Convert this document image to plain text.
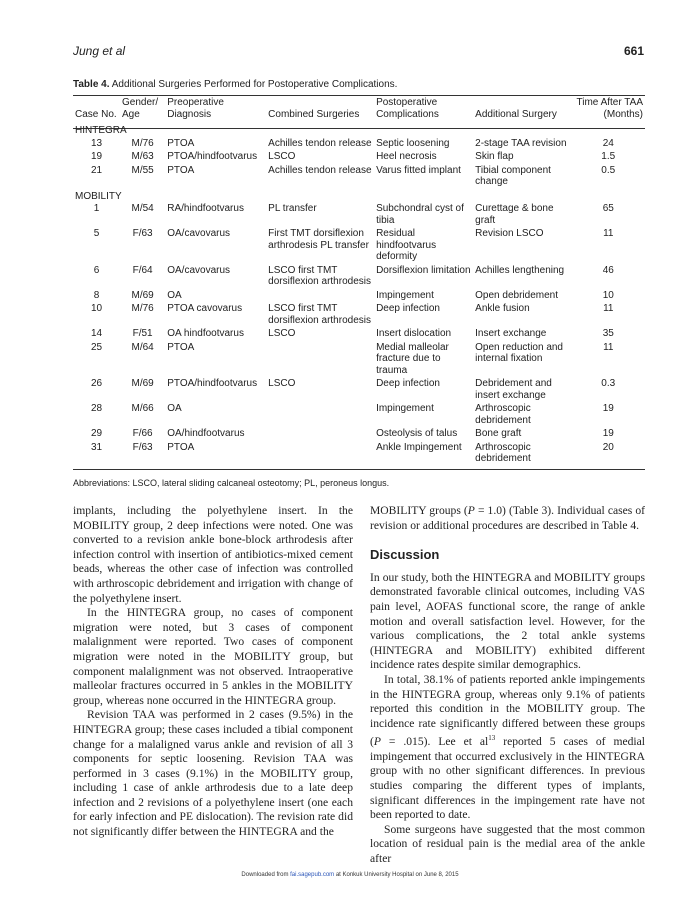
Jung et al	661
Table 4. Additional Surgeries Performed for Postoperative Complications.
Case No.	Gender/ Age	Preoperative Diagnosis	Combined Surgeries	Postoperative Complications	Additional Surgery	Time After TAA (Months)
HINTEGRA						
13	M/76	PTOA	Achilles tendon release	Septic loosening	2-stage TAA revision	24
19	M/63	PTOA/hindfootvarus	LSCO	Heel necrosis	Skin flap	1.5
21	M/55	PTOA	Achilles tendon release	Varus fitted implant	Tibial component change	0.5
MOBILITY						
1	M/54	RA/hindfootvarus	PL transfer	Subchondral cyst of tibia	Curettage & bone graft	65
5	F/63	OA/cavovarus	First TMT dorsiflexion arthrodesis PL transfer	Residual hindfootvarus deformity	Revision LSCO	11
6	F/64	OA/cavovarus	LSCO first TMT dorsiflexion arthrodesis	Dorsiflexion limitation	Achilles lengthening	46
8	M/69	OA		Impingement	Open debridement	10
10	M/76	PTOA cavovarus	LSCO first TMT dorsiflexion arthrodesis	Deep infection	Ankle fusion	11
14	F/51	OA hindfootvarus	LSCO	Insert dislocation	Insert exchange	35
25	M/64	PTOA		Medial malleolar fracture due to trauma	Open reduction and internal fixation	11
26	M/69	PTOA/hindfootvarus	LSCO	Deep infection	Debridement and insert exchange	0.3
28	M/66	OA		Impingement	Arthroscopic debridement	19
29	F/66	OA/hindfootvarus		Osteolysis of talus	Bone graft	19
31	F/63	PTOA		Ankle Impingement	Arthroscopic debridement	20
Abbreviations: LSCO, lateral sliding calcaneal osteotomy; PL, peroneus longus.

implants, including the polyethylene insert. In the MOBILITY group, 2 deep infections were noted. One was converted to a revision ankle bone-block arthrodesis after infection control with insertion of antibiotics-mixed cement beads, whereas the other case of infection was controlled with arthroscopic debridement and irrigation with change of the polyethylene insert.

In the HINTEGRA group, no cases of component migration were noted, but 3 cases of component malalignment were reported. Two cases of component migration were noted in the MOBILITY group, but component malalignment was not observed. Intraoperative malleolar fractures occurred in 5 ankles in the MOBILITY group, whereas none occurred in the HINTEGRA group.

Revision TAA was performed in 2 cases (9.5%) in the HINTEGRA group; these cases included a tibial component change for a malaligned varus ankle and revision of all 3 components for septic loosening. Revision TAA was performed in 3 cases (9.1%) in the MOBILITY group, including 1 case of ankle arthrodesis due to a late deep infection and 2 revisions of a polyethylene insert (one each for early infection and PE dislocation). The revision rate did not significantly differ between the HINTEGRA and the

MOBILITY groups (P = 1.0) (Table 3). Individual cases of revision or additional procedures are described in Table 4.

Discussion

In our study, both the HINTEGRA and MOBILITY groups demonstrated favorable clinical outcomes, including VAS pain level, AOFAS functional score, the range of ankle motion and overall satisfaction level. However, for the various complications, the 2 total ankle systems (HINTEGRA and MOBILITY) exhibited different incidence rates despite similar demographics.

In total, 38.1% of patients reported ankle impingements in the HINTEGRA group, whereas only 9.1% of patients reported this condition in the MOBILITY group. The incidence rate significantly differed between these groups (P = .015). Lee et $al^{13}$ reported 5 cases of medial impingement that occurred exclusively in the HINTEGRA group with no other significant differences. In previous studies comparing the different types of implants, significant differences in the impingement rate have not been reported to date.

Some surgeons have suggested that the most common location of residual pain is the medial area of the ankle after

Downloaded from fai.sagepub.com at Konkuk University Hospital on June 8, 2015
